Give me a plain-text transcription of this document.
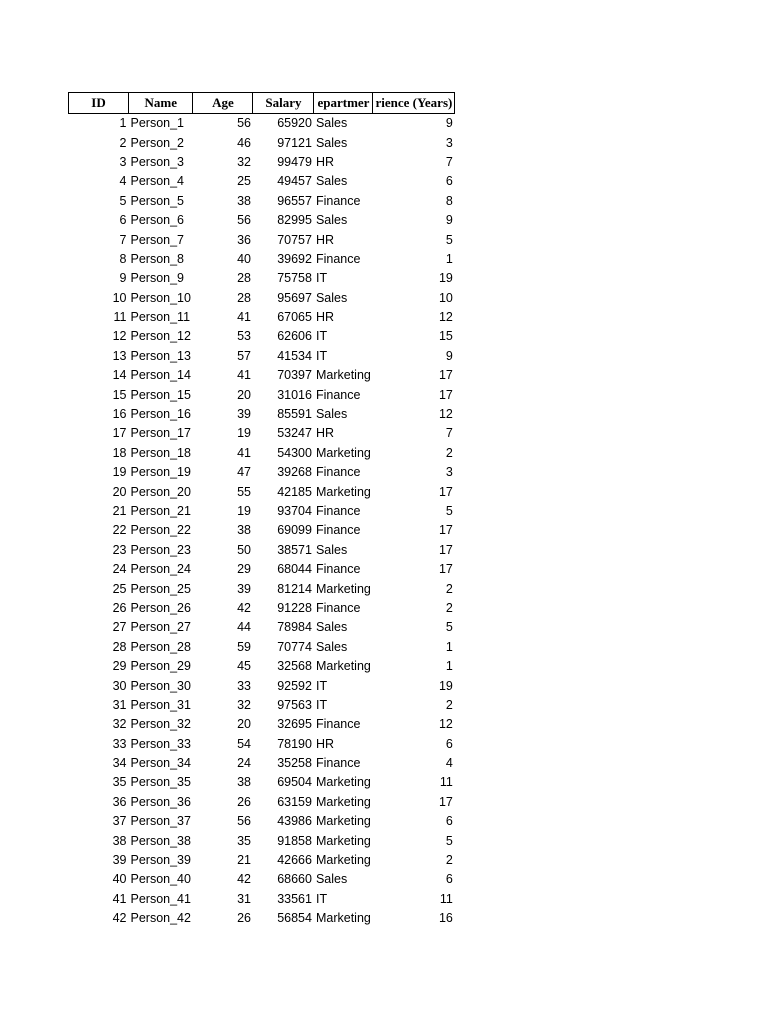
ID	Name	Age	Salary	epartmer	rience (Years)
1	Person_1	56	65920	Sales	9
2	Person_2	46	97121	Sales	3
3	Person_3	32	99479	HR	7
4	Person_4	25	49457	Sales	6
5	Person_5	38	96557	Finance	8
6	Person_6	56	82995	Sales	9
7	Person_7	36	70757	HR	5
8	Person_8	40	39692	Finance	1
9	Person_9	28	75758	IT	19
10	Person_10	28	95697	Sales	10
11	Person_11	41	67065	HR	12
12	Person_12	53	62606	IT	15
13	Person_13	57	41534	IT	9
14	Person_14	41	70397	Marketing	17
15	Person_15	20	31016	Finance	17
16	Person_16	39	85591	Sales	12
17	Person_17	19	53247	HR	7
18	Person_18	41	54300	Marketing	2
19	Person_19	47	39268	Finance	3
20	Person_20	55	42185	Marketing	17
21	Person_21	19	93704	Finance	5
22	Person_22	38	69099	Finance	17
23	Person_23	50	38571	Sales	17
24	Person_24	29	68044	Finance	17
25	Person_25	39	81214	Marketing	2
26	Person_26	42	91228	Finance	2
27	Person_27	44	78984	Sales	5
28	Person_28	59	70774	Sales	1
29	Person_29	45	32568	Marketing	1
30	Person_30	33	92592	IT	19
31	Person_31	32	97563	IT	2
32	Person_32	20	32695	Finance	12
33	Person_33	54	78190	HR	6
34	Person_34	24	35258	Finance	4
35	Person_35	38	69504	Marketing	11
36	Person_36	26	63159	Marketing	17
37	Person_37	56	43986	Marketing	6
38	Person_38	35	91858	Marketing	5
39	Person_39	21	42666	Marketing	2
40	Person_40	42	68660	Sales	6
41	Person_41	31	33561	IT	11
42	Person_42	26	56854	Marketing	16
